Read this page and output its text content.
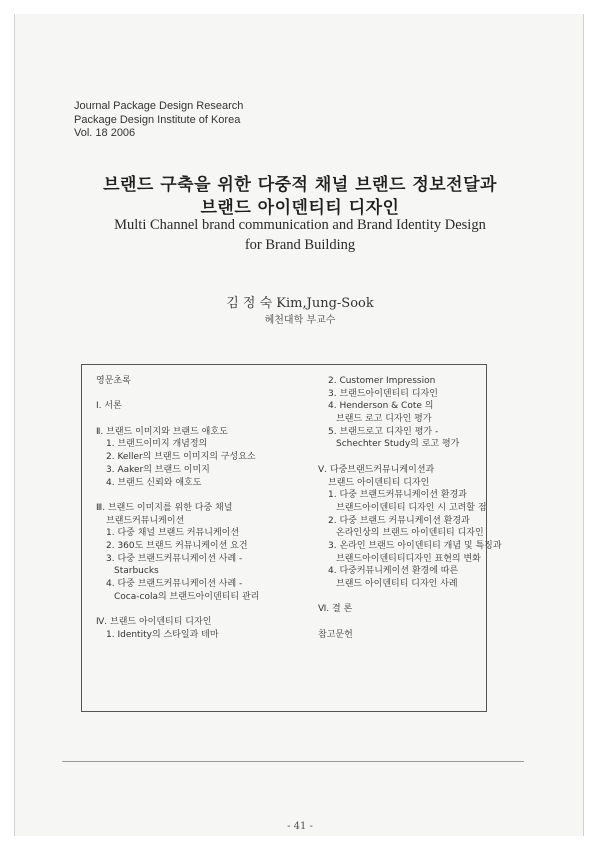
Journal Package Design Research
Package Design Institute of Korea
Vol. 18 2006
브랜드 구축을 위한 다중적 채널 브랜드 정보전달과
브랜드 아이덴티티 디자인
Multi Channel brand communication and Brand Identity Design
for Brand Building
김 정 숙 Kim,Jung-Sook
혜천대학 부교수
영문초록
Ⅰ. 서론
Ⅱ. 브랜드 이미지와 브랜드 애호도
1. 브랜드이미지 개념정의
2. Keller의 브랜드 이미지의 구성요소
3. Aaker의 브랜드 이미지
4. 브랜드 신뢰와 애호도
Ⅲ. 브랜드 이미지를 위한 다중 채널
브랜드커뮤니케이션
1. 다중 채널 브랜드 커뮤니케이션
2. 360도 브랜드 커뮤니케이션 요건
3. 다중 브랜드커뮤니케이션 사례 -
Starbucks
4. 다중 브랜드커뮤니케이션 사례 -
Coca-cola의 브랜드아이덴티티 관리
Ⅳ. 브랜드 아이덴티티 디자인
1. Identity의 스타일과 테마
2. Customer Impression
3. 브랜드아이덴티티 디자인
4. Henderson & Cote 의
브랜드 로고 디자인 평가
5. 브랜드로고 디자인 평가 -
Schechter Study의 로고 평가
Ⅴ. 다중브랜드커뮤니케이션과
브랜드 아이덴티티 디자인
1. 다중 브랜드커뮤니케이션 환경과
브랜드아이덴티티 디자인 시 고려할 점
2. 다중 브랜드 커뮤니케이션 환경과
온라인상의 브랜드 아이덴티티 디자인
3. 온라인 브랜드 아이덴티티 개념 및 특징과
브랜드아이덴티티디자인 표현의 변화
4. 다중커뮤니케이션 환경에 따른
브랜드 아이덴티티 디자인 사례
Ⅵ. 결 론
참고문헌
- 41 -
